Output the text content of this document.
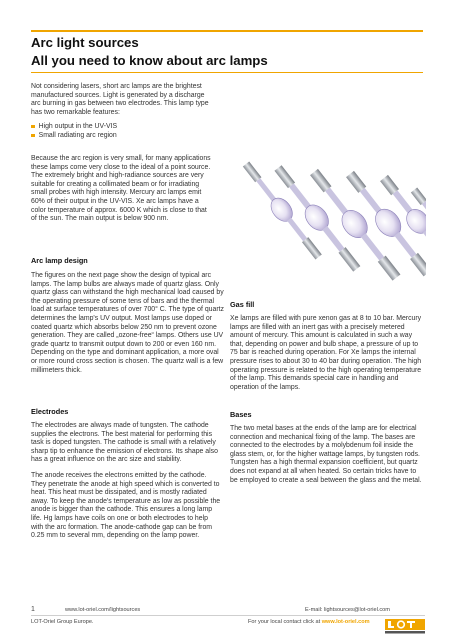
Arc light sources
All you need to know about arc lamps

Not considering lasers, short arc lamps are the brightest manufactured sources. Light is generated by a discharge arc burning in gas between two electrodes. This lamp type has two remarkable features:

High output in the UV-VIS
Small radiating arc region

Because the arc region is very small, for many applications these lamps come very close to the ideal of a point source. The extremely bright and high-radiance sources are very suitable for creating a collimated beam or for irradiating small probes with high intensity. Mercury arc lamps emit 60% of their output in the UV-VIS. Xe arc lamps have a color temperature of approx. 6000 K which is close to that of the sun. The main output is below 900 nm.

Arc lamp design

The figures on the next page show the design of typical arc lamps. The lamp bulbs are always made of quartz glass. Only quartz glass can withstand the high mechanical load caused by the operating pressure of some tens of bars and the thermal load at surface temperatures of over 700° C. The type of quartz determines the lamp's UV output. Most lamps use doped or coated quartz which absorbs below 250 nm to prevent ozone generation. They are called „ozone-free“ lamps. Others use UV grade quartz to transmit output down to 200 or even 160 nm. Depending on the type and dominant application, a more oval or more round cross section is chosen. The quartz wall is a few millimeters thick.

Electrodes

The electrodes are always made of tungsten. The cathode supplies the electrons. The best material for performing this task is doped tungsten. The cathode is small with a relatively sharp tip to enhance the emission of electrons. Its shape also has a great influence on the arc size and stability.

The anode receives the electrons emitted by the cathode. They penetrate the anode at high speed which is converted to heat. This heat must be dissipated, and is mostly radiated away. To keep the anode's temperature as low as possible the anode is bigger than the cathode. This ensures a long lamp life. Hg lamps have coils on one or both electrodes to help with the arc formation. The anode-cathode gap can be from 0.25 mm to several mm, depending on the lamp power.

Gas fill

Xe lamps are filled with pure xenon gas at 8 to 10 bar. Mercury lamps are filled with an inert gas with a precisely metered amount of mercury. This amount is calculated in such a way that, depending on power and bulb shape, a pressure of up to 75 bar is reached during operation. For Xe lamps the internal pressure rises to about 30 to 40 bar during operation. The high operating pressure is related to the high operating temperature of the lamp. This demands special care in handling and operation of the lamps.

Bases

The two metal bases at the ends of the lamp are for electrical connection and mechanical fixing of the lamp. The bases are connected to the electrodes by a molybdenum foil inside the glass stem, or, for the higher wattage lamps, by tungsten rods. Tungsten has a high thermal expansion coefficient, but quartz does not expand at all when heated. So certain tricks have to be employed to create a seal between the glass and the metal.

1	www.lot-oriel.com/lightsources	E-mail: lightsources@lot-oriel.com
LOT-Oriel Group Europe.	For your local contact click at www.lot-oriel.com
